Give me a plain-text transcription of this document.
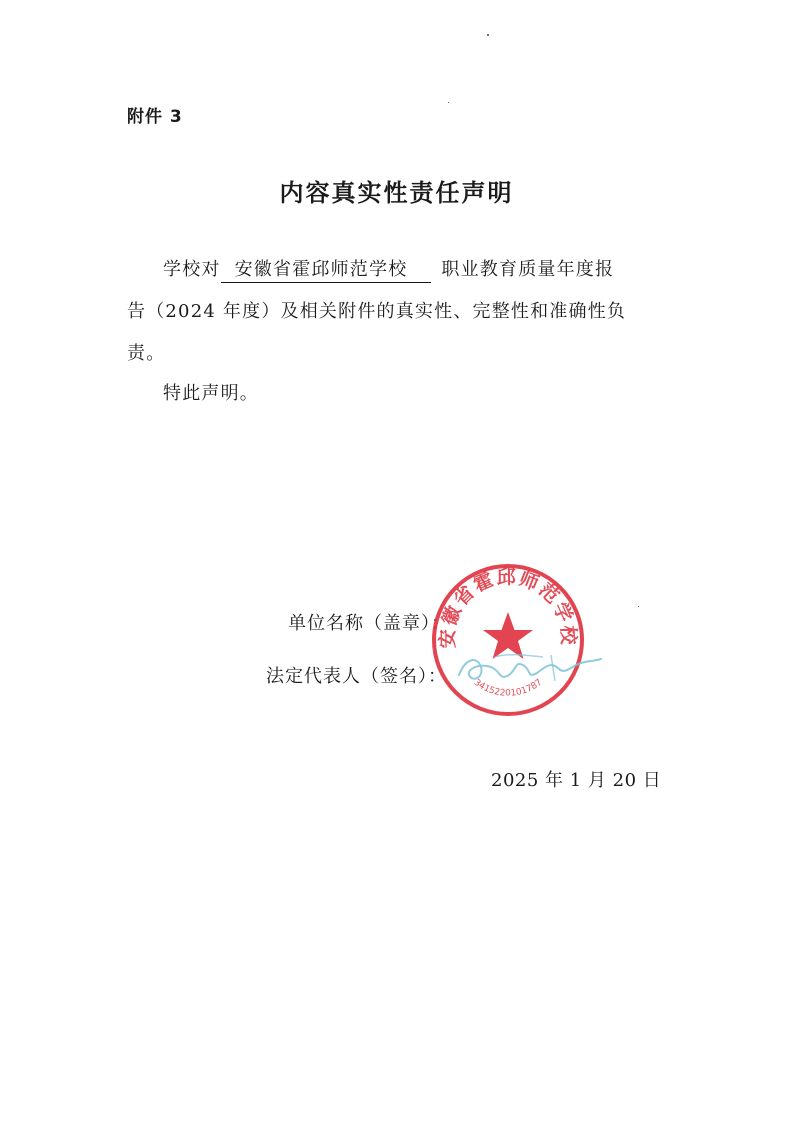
附件 3
内容真实性责任声明
学校对 安徽省霍邱师范学校 职业教育质量年度报
告（2024 年度）及相关附件的真实性、完整性和准确性负
责。
特此声明。
单位名称（盖章）：
法定代表人（签名）：
2025 年 1 月 20 日
安徽省霍邱师范学校
3415220101787
